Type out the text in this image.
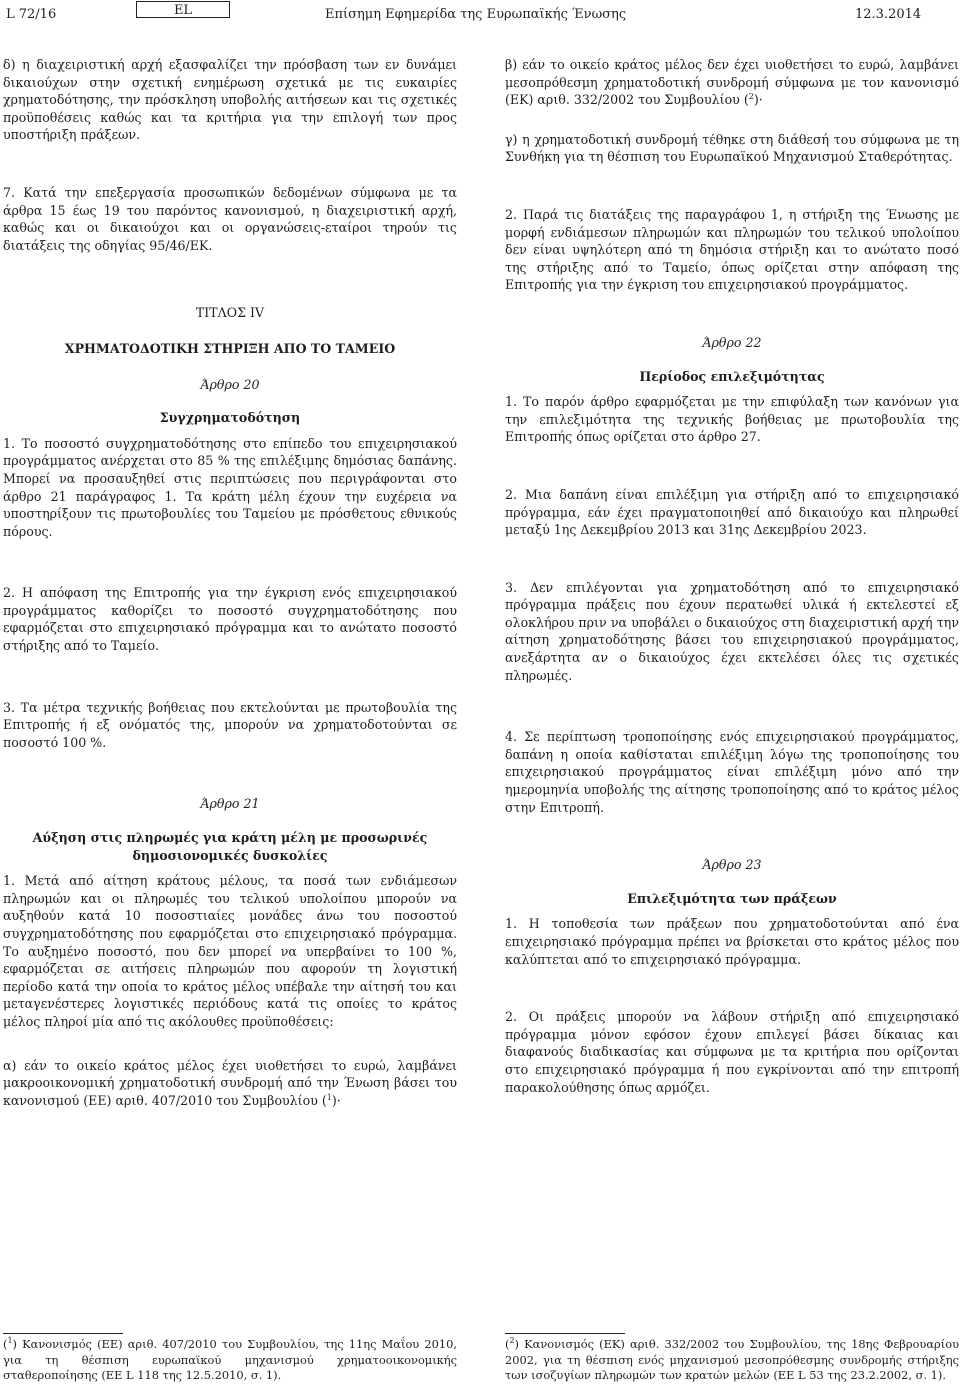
L 72/16	EL	Επίσημη Εφημερίδα της Ευρωπαϊκής Ένωσης	12.3.2014

δ) η διαχειριστική αρχή εξασφαλίζει την πρόσβαση των εν δυνάμει δικαιούχων στην σχετική ενημέρωση σχετικά με τις ευκαιρίες χρηματοδότησης, την πρόσκληση υποβολής αιτήσεων και τις σχετικές προϋποθέσεις καθώς και τα κριτήρια για την επιλογή των προς υποστήριξη πράξεων.

7. Κατά την επεξεργασία προσωπικών δεδομένων σύμφωνα με τα άρθρα 15 έως 19 του παρόντος κανονισμού, η διαχειριστική αρχή, καθώς και οι δικαιούχοι και οι οργανώσεις-εταίροι τηρούν τις διατάξεις της οδηγίας 95/46/ΕΚ.

ΤΙΤΛΟΣ IV

ΧΡΗΜΑΤΟΔΟΤΙΚΗ ΣΤΗΡΙΞΗ ΑΠΟ ΤΟ ΤΑΜΕΙΟ

Άρθρο 20

Συγχρηματοδότηση

1. Το ποσοστό συγχρηματοδότησης στο επίπεδο του επιχειρησιακού προγράμματος ανέρχεται στο 85 % της επιλέξιμης δημόσιας δαπάνης. Μπορεί να προσαυξηθεί στις περιπτώσεις που περιγράφονται στο άρθρο 21 παράγραφος 1. Τα κράτη μέλη έχουν την ευχέρεια να υποστηρίξουν τις πρωτοβουλίες του Ταμείου με πρόσθετους εθνικούς πόρους.

2. Η απόφαση της Επιτροπής για την έγκριση ενός επιχειρησιακού προγράμματος καθορίζει το ποσοστό συγχρηματοδότησης που εφαρμόζεται στο επιχειρησιακό πρόγραμμα και το ανώτατο ποσοστό στήριξης από το Ταμείο.

3. Τα μέτρα τεχνικής βοήθειας που εκτελούνται με πρωτοβουλία της Επιτροπής ή εξ ονόματός της, μπορούν να χρηματοδοτούνται σε ποσοστό 100 %.

Άρθρο 21

Αύξηση στις πληρωμές για κράτη μέλη με προσωρινές δημοσιονομικές δυσκολίες

1. Μετά από αίτηση κράτους μέλους, τα ποσά των ενδιάμεσων πληρωμών και οι πληρωμές του τελικού υπολοίπου μπορούν να αυξηθούν κατά 10 ποσοστιαίες μονάδες άνω του ποσοστού συγχρηματοδότησης που εφαρμόζεται στο επιχειρησιακό πρόγραμμα. Το αυξημένο ποσοστό, που δεν μπορεί να υπερβαίνει το 100 %, εφαρμόζεται σε αιτήσεις πληρωμών που αφορούν τη λογιστική περίοδο κατά την οποία το κράτος μέλος υπέβαλε την αίτησή του και μεταγενέστερες λογιστικές περιόδους κατά τις οποίες το κράτος μέλος πληροί μία από τις ακόλουθες προϋποθέσεις:

α) εάν το οικείο κράτος μέλος έχει υιοθετήσει το ευρώ, λαμβάνει μακροοικονομική χρηματοδοτική συνδρομή από την Ένωση βάσει του κανονισμού (ΕΕ) αριθ. 407/2010 του Συμβουλίου ($^1$)·

β) εάν το οικείο κράτος μέλος δεν έχει υιοθετήσει το ευρώ, λαμβάνει μεσοπρόθεσμη χρηματοδοτική συνδρομή σύμφωνα με τον κανονισμό (ΕΚ) αριθ. 332/2002 του Συμβουλίου ($^2$)·

γ) η χρηματοδοτική συνδρομή τέθηκε στη διάθεσή του σύμφωνα με τη Συνθήκη για τη θέσπιση του Ευρωπαϊκού Μηχανισμού Σταθερότητας.

2. Παρά τις διατάξεις της παραγράφου 1, η στήριξη της Ένωσης με μορφή ενδιάμεσων πληρωμών και πληρωμών του τελικού υπολοίπου δεν είναι υψηλότερη από τη δημόσια στήριξη και το ανώτατο ποσό της στήριξης από το Ταμείο, όπως ορίζεται στην απόφαση της Επιτροπής για την έγκριση του επιχειρησιακού προγράμματος.

Άρθρο 22

Περίοδος επιλεξιμότητας

1. Το παρόν άρθρο εφαρμόζεται με την επιφύλαξη των κανόνων για την επιλεξιμότητα της τεχνικής βοήθειας με πρωτοβουλία της Επιτροπής όπως ορίζεται στο άρθρο 27.

2. Μια δαπάνη είναι επιλέξιμη για στήριξη από το επιχειρησιακό πρόγραμμα, εάν έχει πραγματοποιηθεί από δικαιούχο και πληρωθεί μεταξύ 1ης Δεκεμβρίου 2013 και 31ης Δεκεμβρίου 2023.

3. Δεν επιλέγονται για χρηματοδότηση από το επιχειρησιακό πρόγραμμα πράξεις που έχουν περατωθεί υλικά ή εκτελεστεί εξ ολοκλήρου πριν να υποβάλει ο δικαιούχος στη διαχειριστική αρχή την αίτηση χρηματοδότησης βάσει του επιχειρησιακού προγράμματος, ανεξάρτητα αν ο δικαιούχος έχει εκτελέσει όλες τις σχετικές πληρωμές.

4. Σε περίπτωση τροποποίησης ενός επιχειρησιακού προγράμματος, δαπάνη η οποία καθίσταται επιλέξιμη λόγω της τροποποίησης του επιχειρησιακού προγράμματος είναι επιλέξιμη μόνο από την ημερομηνία υποβολής της αίτησης τροποποίησης από το κράτος μέλος στην Επιτροπή.

Άρθρο 23

Επιλεξιμότητα των πράξεων

1. Η τοποθεσία των πράξεων που χρηματοδοτούνται από ένα επιχειρησιακό πρόγραμμα πρέπει να βρίσκεται στο κράτος μέλος που καλύπτεται από το επιχειρησιακό πρόγραμμα.

2. Οι πράξεις μπορούν να λάβουν στήριξη από επιχειρησιακό πρόγραμμα μόνον εφόσον έχουν επιλεγεί βάσει δίκαιας και διαφανούς διαδικασίας και σύμφωνα με τα κριτήρια που ορίζονται στο επιχειρησιακό πρόγραμμα ή που εγκρίνονται από την επιτροπή παρακολούθησης όπως αρμόζει.

($^1$) Κανονισμός (ΕΕ) αριθ. 407/2010 του Συμβουλίου, της 11ης Μαΐου 2010, για τη θέσπιση ευρωπαϊκού μηχανισμού χρηματοοικονομικής σταθεροποίησης (ΕΕ L 118 της 12.5.2010, σ. 1).
($^2$) Κανονισμός (ΕΚ) αριθ. 332/2002 του Συμβουλίου, της 18ης Φεβρουαρίου 2002, για τη θέσπιση ενός μηχανισμού μεσοπρόθεσμης συνδρομής στήριξης των ισοζυγίων πληρωμών των κρατών μελών (ΕΕ L 53 της 23.2.2002, σ. 1).
